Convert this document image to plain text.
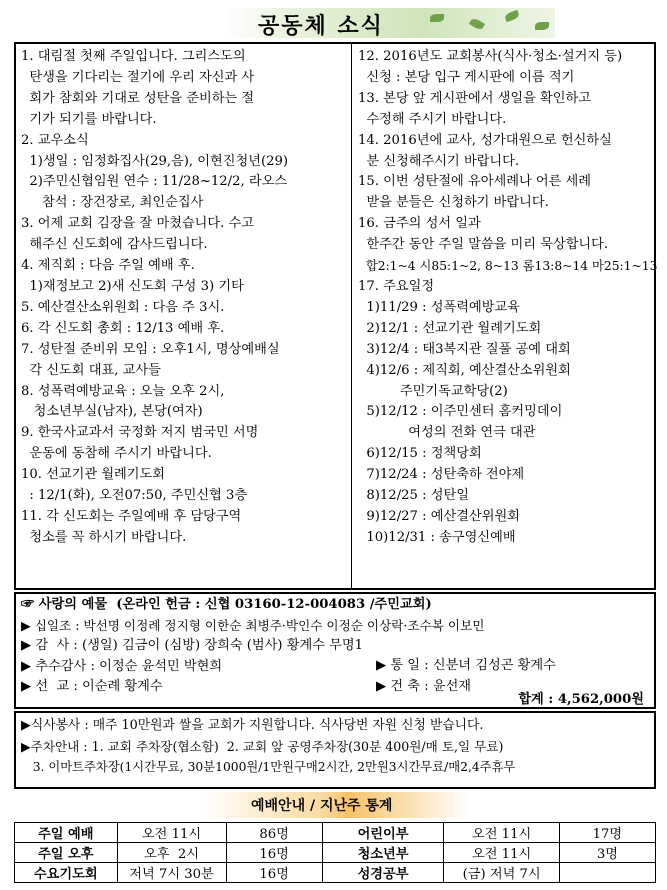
공동체 소식

1. 대림절 첫째 주일입니다. 그리스도의

탄생을 기다리는 절기에 우리 자신과 사

회가 참회와 기대로 성탄을 준비하는 절

기가 되기를 바랍니다.

2. 교우소식

1)생일 : 임정화집사(29,음), 이현진청년(29)

2)주민신협임원 연수 : 11/28~12/2, 라오스

참석 : 장건장로, 최인순집사

3. 어제 교회 김장을 잘 마쳤습니다. 수고

해주신 신도회에 감사드립니다.

4. 제직회 : 다음 주일 예배 후.

1)재정보고 2)새 신도회 구성 3) 기타

5. 예산결산소위원회 : 다음 주 3시.

6. 각 신도회 총회 : 12/13 예배 후.

7. 성탄절 준비위 모임 : 오후1시, 명상예배실

각 신도회 대표, 교사들

8. 성폭력예방교육 : 오늘 오후 2시,

청소년부실(남자), 본당(여자)

9. 한국사교과서 국정화 저지 범국민 서명

운동에 동참해 주시기 바랍니다.

10. 선교기관 월례기도회

: 12/1(화), 오전07:50, 주민신협 3층

11. 각 신도회는 주일예배 후 담당구역

청소를 꼭 하시기 바랍니다.

12. 2016년도 교회봉사(식사·청소·설거지 등)

신청 : 본당 입구 게시판에 이름 적기

13. 본당 앞 게시판에서 생일을 확인하고

수정해 주시기 바랍니다.

14. 2016년에 교사, 성가대원으로 헌신하실

분 신청해주시기 바랍니다.

15. 이번 성탄절에 유아세례나 어른 세례

받을 분들은 신청하기 바랍니다.

16. 금주의 성서 일과

한주간 동안 주일 말씀을 미리 묵상합니다.

합2:1~4 시85:1~2, 8~13 롬13:8~14 마25:1~13

17. 주요일정

1)11/29 : 성폭력예방교육

2)12/1 : 선교기관 월례기도회

3)12/4 : 태3복지관 질풀 공예 대회

4)12/6 : 제직회, 예산결산소위원회

주민기독교학당(2)

5)12/12 : 이주민센터 홈커밍데이

여성의 전화 연극 대관

6)12/15 : 정책당회

7)12/24 : 성탄축하 전야제

8)12/25 : 성탄일

9)12/27 : 예산결산위원회

10)12/31 : 송구영신예배

☞ 사랑의 예물  (온라인 헌금 : 신협 03160-12-004083 /주민교회)

▶ 십일조 : 박선명 이정례 정지형 이한순 최병주·박인수 이정순 이상락·조수복 이보민

▶ 감  사 : (생일) 김금이 (심방) 장희숙 (범사) 황계수 무명1

▶ 추수감사 : 이정순 윤석민 박현희	▶ 통 일 : 신분녀 김성곤 황계수

▶ 선  교 : 이순례 황계수	▶ 건 축 : 윤선재
합계 : 4,562,000원

▶식사봉사 : 매주 10만원과 쌀을 교회가 지원합니다. 식사당번 자원 신청 받습니다.

▶주차안내 : 1. 교회 주차장(협소함)  2. 교회 앞 공영주차장(30분 400원/매 토,일 무료)

3. 이마트주차장(1시간무료, 30분1000원/1만원구매2시간, 2만원3시간무료/매2,4주휴무

예배안내 / 지난주 통계
주일 예배	오전 11시	86명	어린이부	오전 11시	17명
주일 오후	오후  2시	16명	청소년부	오전 11시	3명
수요기도회	저녁 7시 30분	16명	성경공부	(금) 저녁 7시	
